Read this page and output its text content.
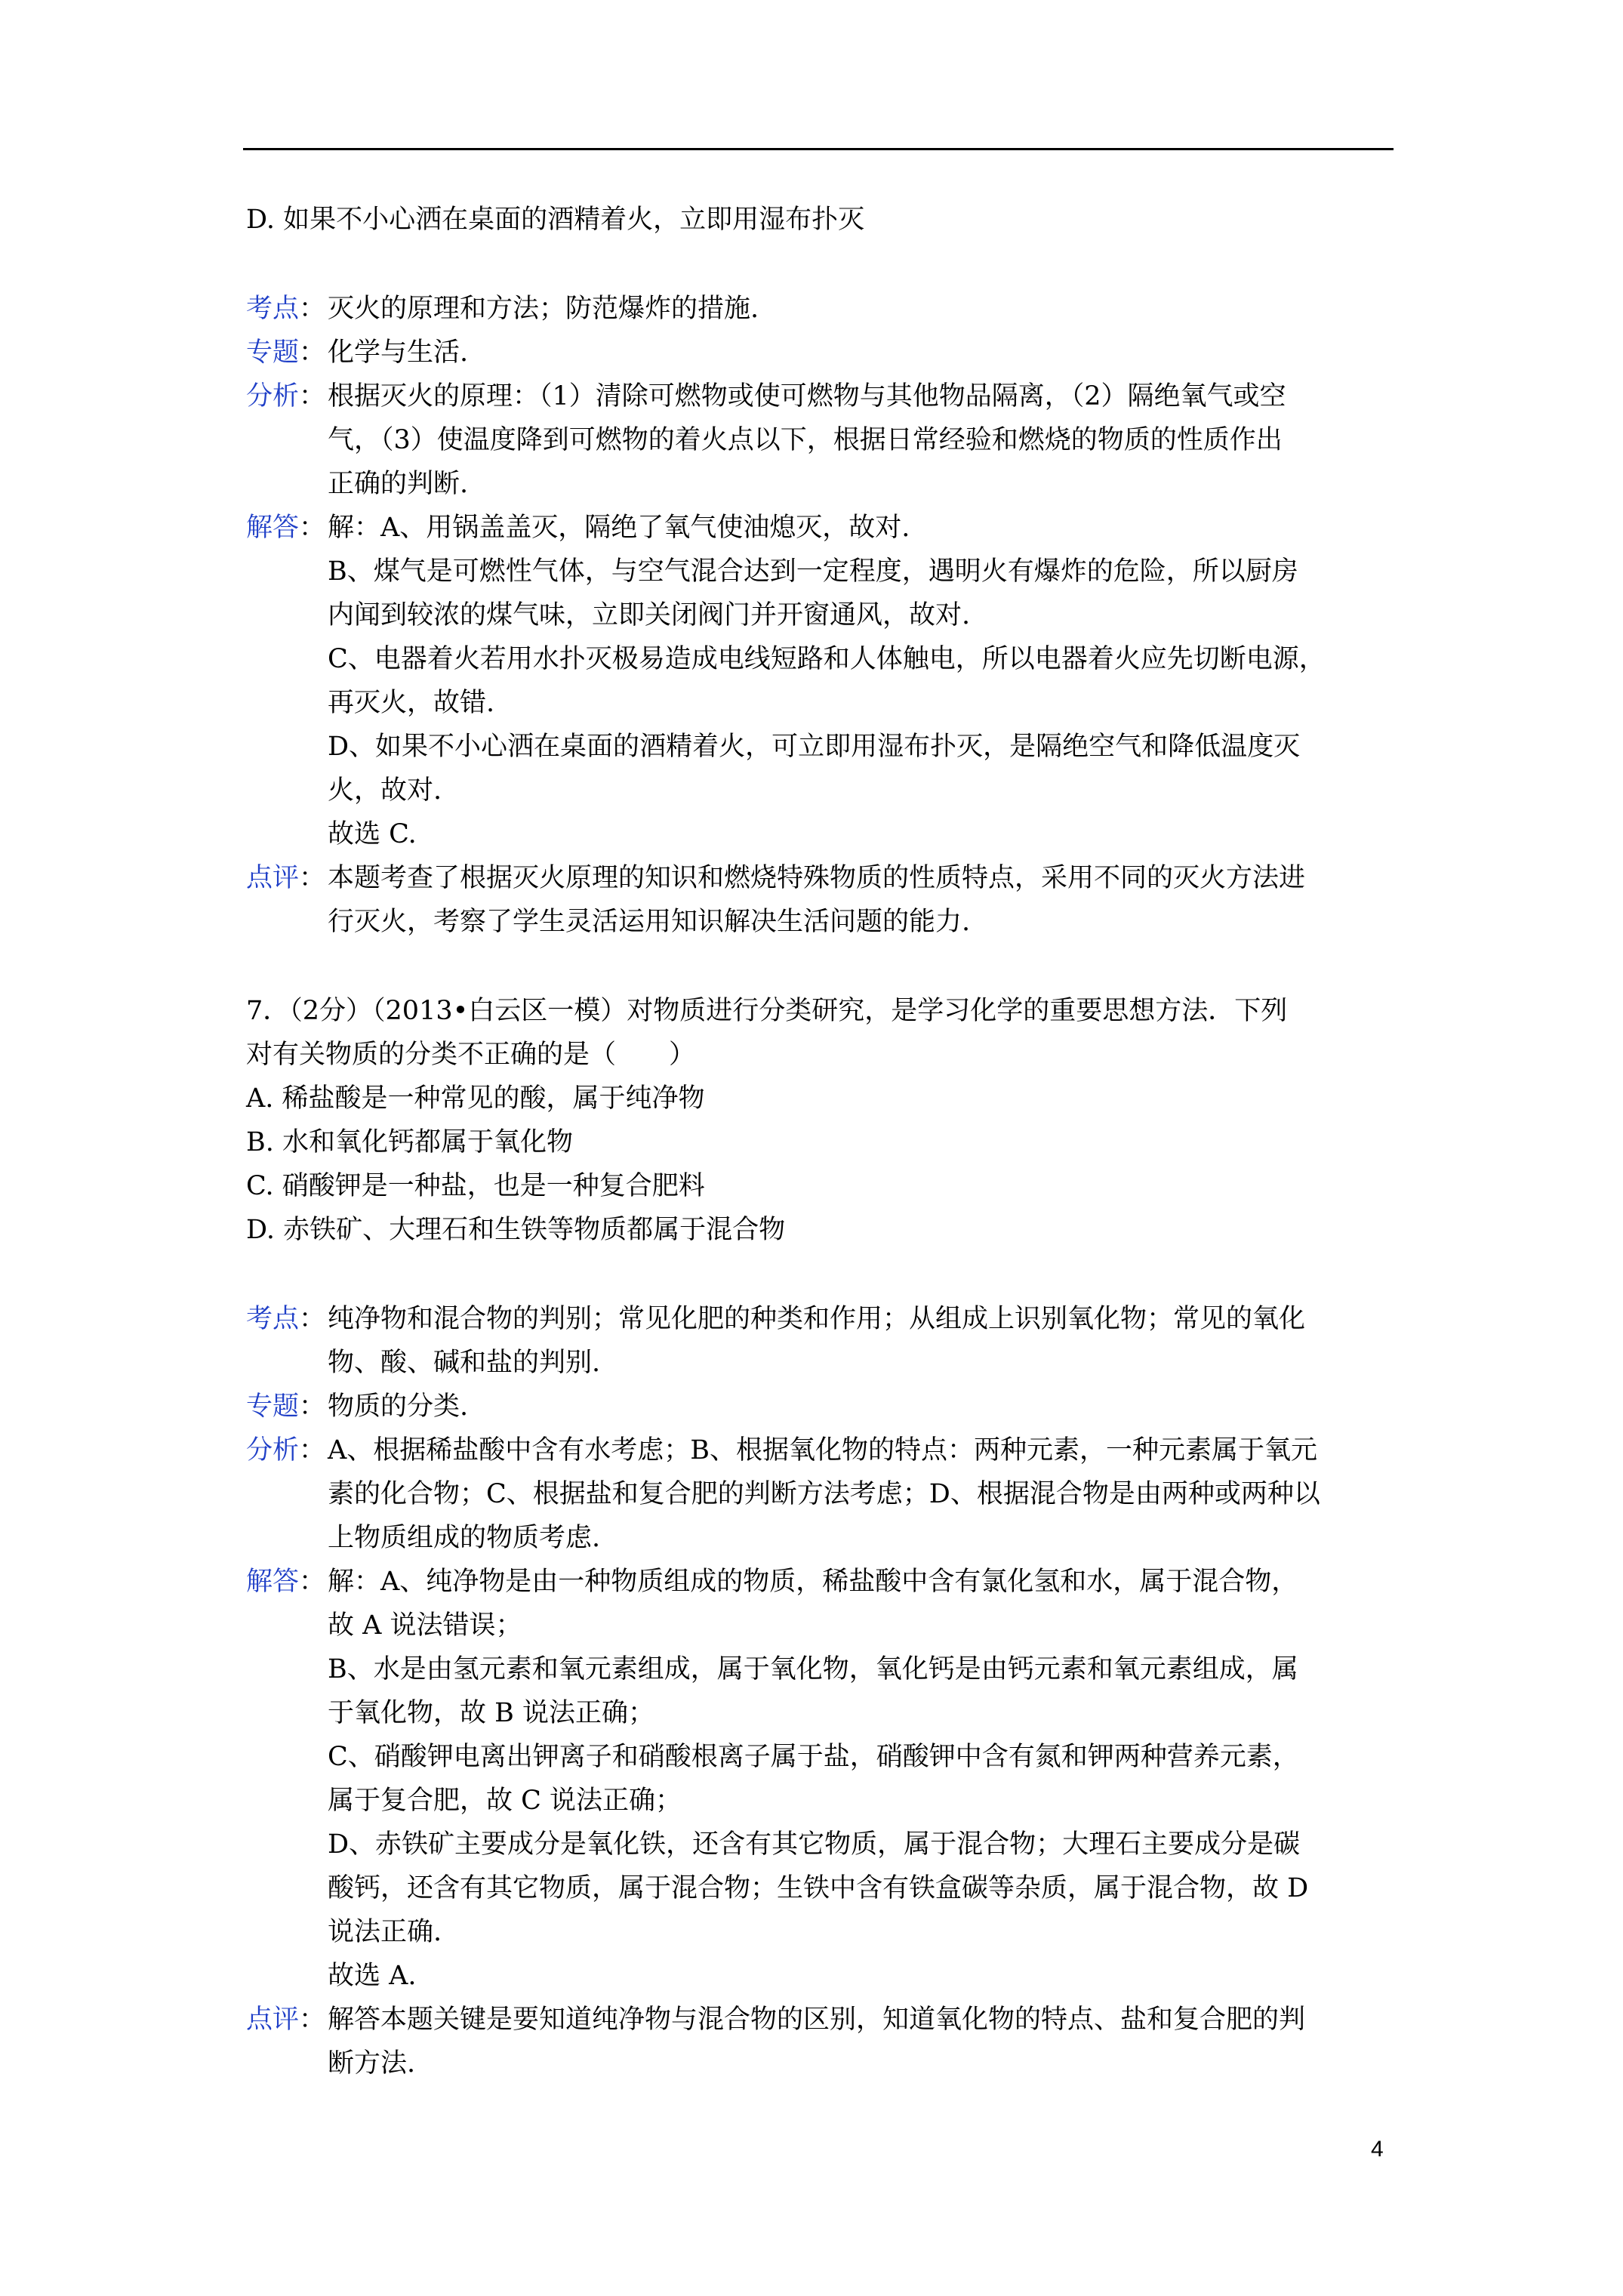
D. 如果不小心洒在桌面的酒精着火，立即用湿布扑灭
考点： 灭火的原理和方法；防范爆炸的措施.
专题： 化学与生活.
分析： 根据灭火的原理：（1）清除可燃物或使可燃物与其他物品隔离，（2）隔绝氧气或空
气，（3）使温度降到可燃物的着火点以下，根据日常经验和燃烧的物质的性质作出
正确的判断.
解答： 解：A、用锅盖盖灭，隔绝了氧气使油熄灭，故对.
B、煤气是可燃性气体，与空气混合达到一定程度，遇明火有爆炸的危险，所以厨房
内闻到较浓的煤气味，立即关闭阀门并开窗通风，故对.
C、电器着火若用水扑灭极易造成电线短路和人体触电，所以电器着火应先切断电源，
再灭火，故错.
D、如果不小心洒在桌面的酒精着火，可立即用湿布扑灭，是隔绝空气和降低温度灭
火，故对.
故选 C.
点评： 本题考查了根据灭火原理的知识和燃烧特殊物质的性质特点，采用不同的灭火方法进
行灭火，考察了学生灵活运用知识解决生活问题的能力.
7．（2分）（2013•白云区一模）对物质进行分类研究，是学习化学的重要思想方法．下列
对有关物质的分类不正确的是（　　）
A. 稀盐酸是一种常见的酸，属于纯净物
B. 水和氧化钙都属于氧化物
C. 硝酸钾是一种盐，也是一种复合肥料
D. 赤铁矿、大理石和生铁等物质都属于混合物
考点： 纯净物和混合物的判别；常见化肥的种类和作用；从组成上识别氧化物；常见的氧化
物、酸、碱和盐的判别.
专题： 物质的分类.
分析： A、根据稀盐酸中含有水考虑；B、根据氧化物的特点：两种元素，一种元素属于氧元
素的化合物；C、根据盐和复合肥的判断方法考虑；D、根据混合物是由两种或两种以
上物质组成的物质考虑.
解答： 解：A、纯净物是由一种物质组成的物质，稀盐酸中含有氯化氢和水，属于混合物，
故 A 说法错误；
B、水是由氢元素和氧元素组成，属于氧化物，氧化钙是由钙元素和氧元素组成，属
于氧化物，故 B 说法正确；
C、硝酸钾电离出钾离子和硝酸根离子属于盐，硝酸钾中含有氮和钾两种营养元素，
属于复合肥，故 C 说法正确；
D、赤铁矿主要成分是氧化铁，还含有其它物质，属于混合物；大理石主要成分是碳
酸钙，还含有其它物质，属于混合物；生铁中含有铁盒碳等杂质，属于混合物，故 D
说法正确.
故选 A.
点评： 解答本题关键是要知道纯净物与混合物的区别，知道氧化物的特点、盐和复合肥的判
断方法.
4
